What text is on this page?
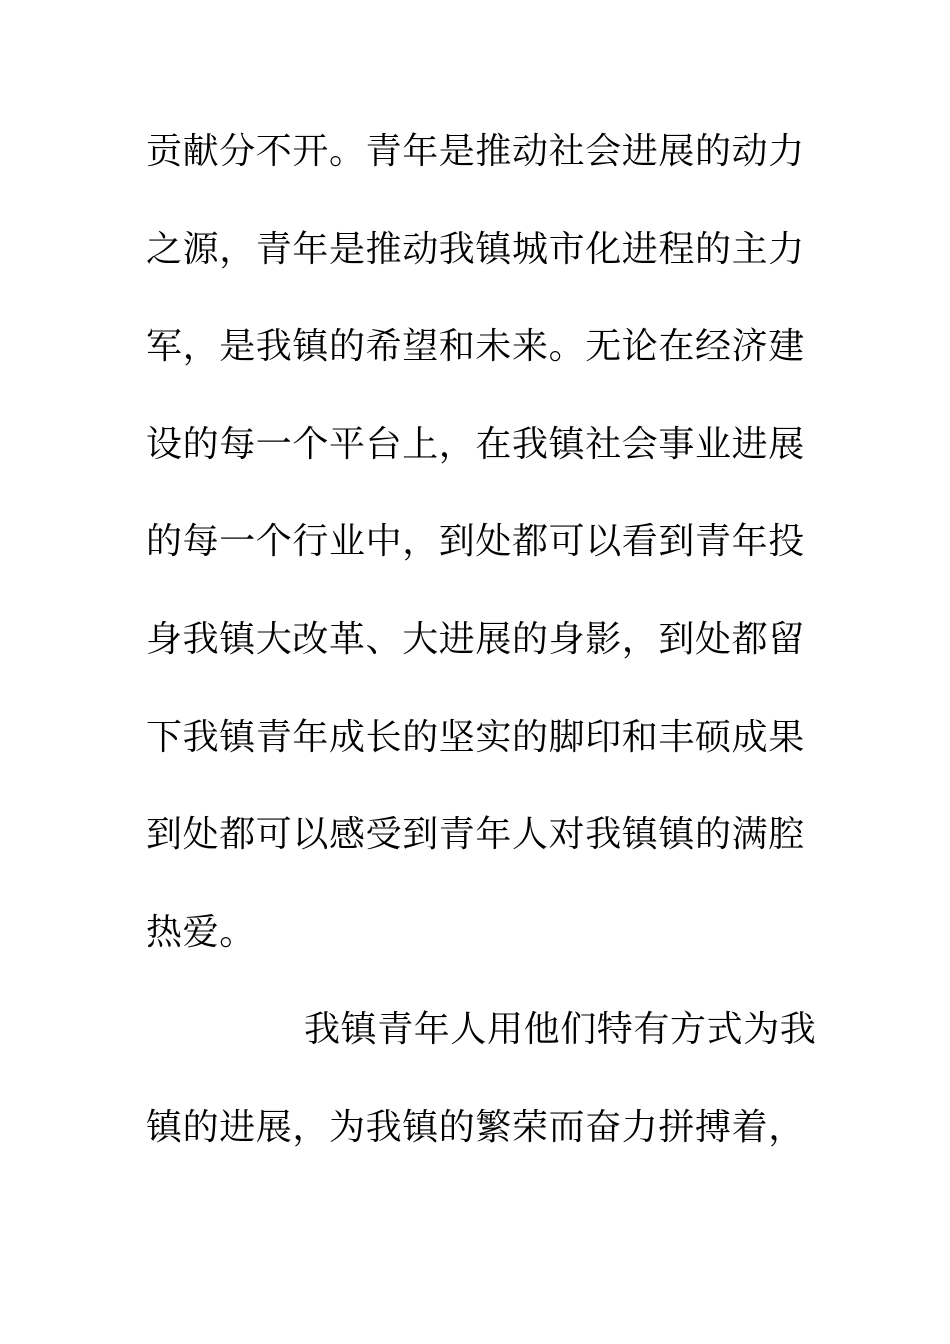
贡献分不开。青年是推动社会进展的动力
之源，青年是推动我镇城市化进程的主力
军，是我镇的希望和未来。无论在经济建
设的每一个平台上，在我镇社会事业进展
的每一个行业中，到处都可以看到青年投
身我镇大改革、大进展的身影，到处都留
下我镇青年成长的坚实的脚印和丰硕成果
到处都可以感受到青年人对我镇镇的满腔
热爱。
我镇青年人用他们特有方式为我
镇的进展，为我镇的繁荣而奋力拼搏着，
